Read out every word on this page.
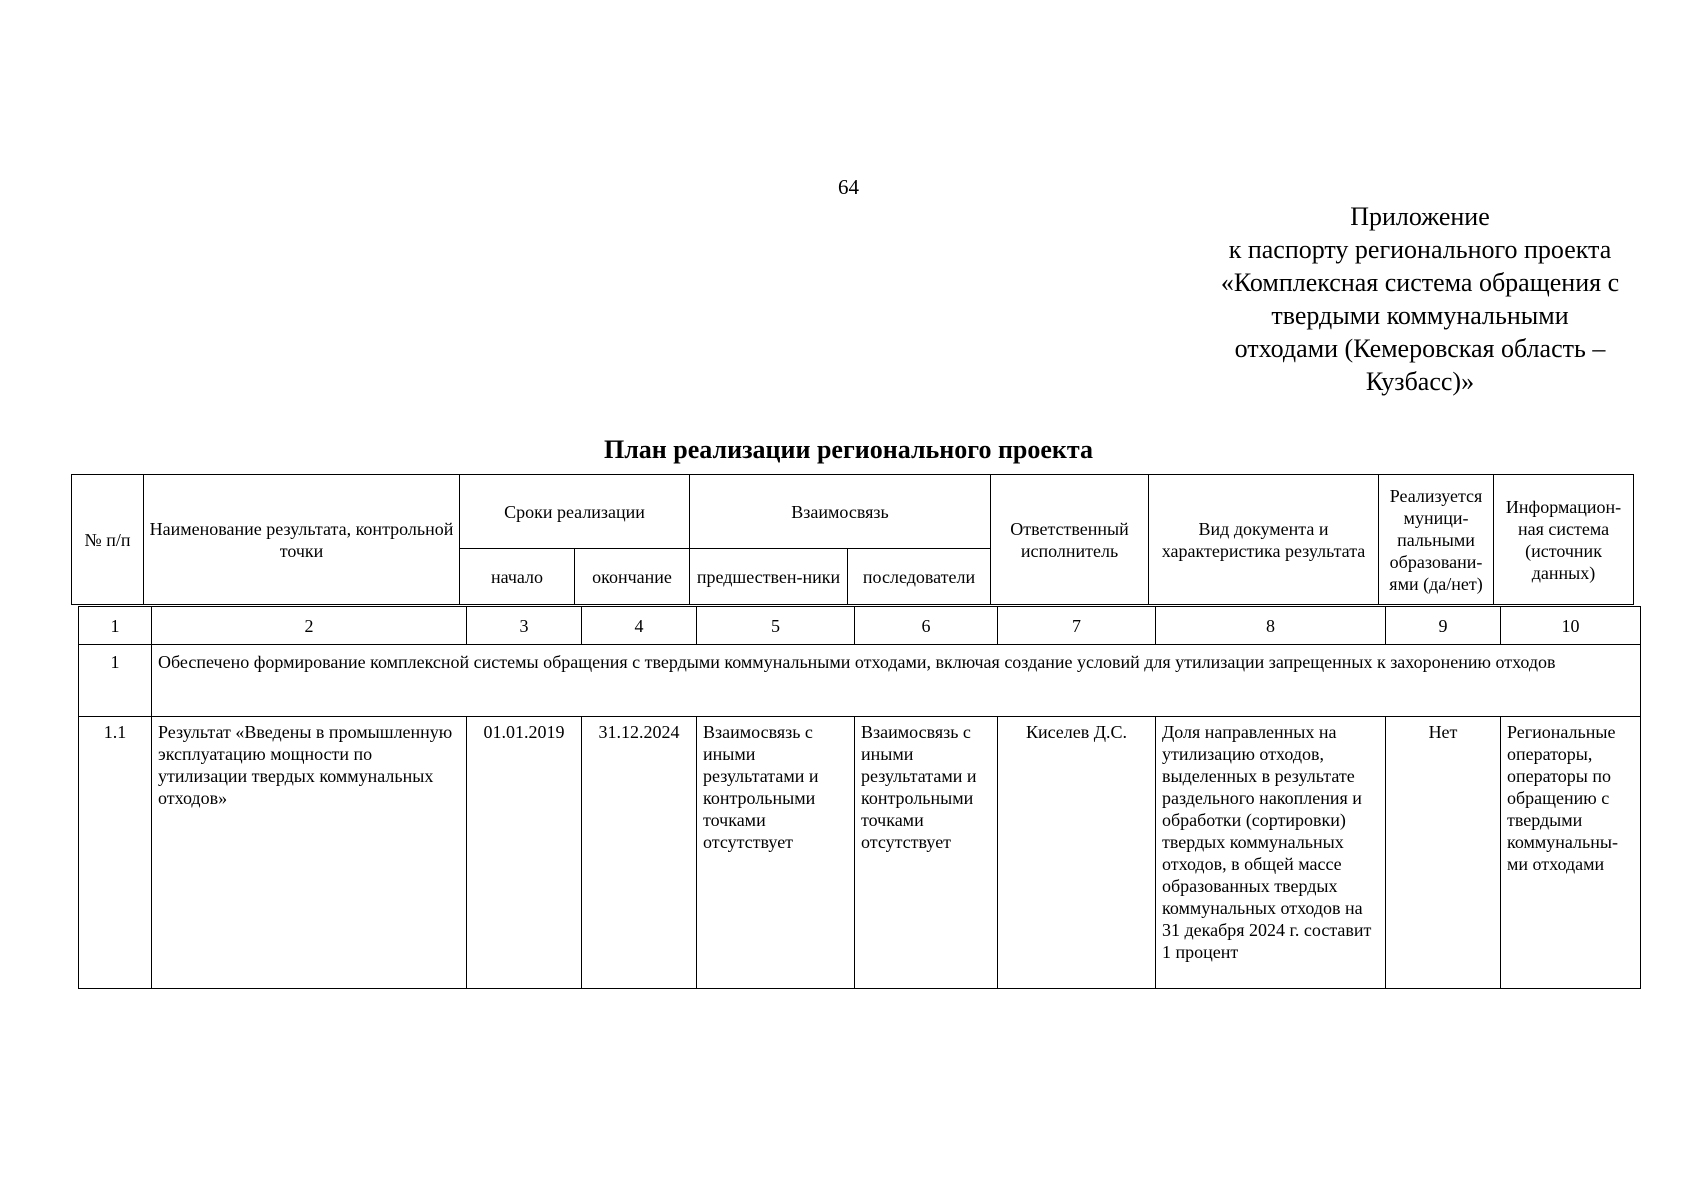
64
Приложение
к паспорту регионального проекта
«Комплексная система обращения с
твердыми коммунальными
отходами (Кемеровская область –
Кузбасс)»
План реализации регионального проекта
№ п/п	Наименование результата, контрольной точки	Сроки реализации		Взаимосвязь		Ответственный исполнитель	Вид документа и характеристика результата	Реализуется муници-пальными образовани-ями (да/нет)	Информацион-ная система (источник данных)
		начало	окончание	предшествен-ники	последователи				
1	2	3	4	5	6	7	8	9	10
1	Обеспечено формирование комплексной системы обращения с твердыми коммунальными отходами, включая создание условий для утилизации запрещенных к захоронению отходов								
1.1	Результат «Введены в промышленную эксплуатацию мощности по утилизации твердых коммунальных отходов»	01.01.2019	31.12.2024	Взаимосвязь с иными результатами и контрольными точками отсутствует	Взаимосвязь с иными результатами и контрольными точками отсутствует	Киселев Д.С.	Доля направленных на утилизацию отходов, выделенных в результате раздельного накопления и обработки (сортировки) твердых коммунальных отходов, в общей массе образованных твердых коммунальных отходов на 31 декабря 2024 г. составит 1 процент	Нет	Региональные операторы, операторы по обращению с твердыми коммунальны-ми отходами
